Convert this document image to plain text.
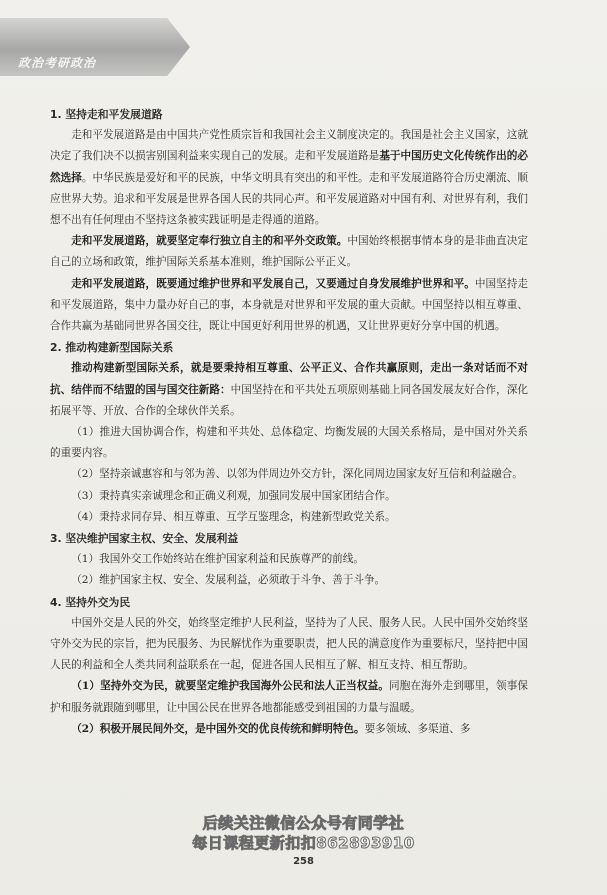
政治考研政治

1. 坚持走和平发展道路

走和平发展道路是由中国共产党性质宗旨和我国社会主义制度决定的。我国是社会主义国家，这就决定了我们决不以损害别国利益来实现自己的发展。走和平发展道路是基于中国历史文化传统作出的必然选择。中华民族是爱好和平的民族，中华文明具有突出的和平性。走和平发展道路符合历史潮流、顺应世界大势。追求和平发展是世界各国人民的共同心声。和平发展道路对中国有利、对世界有利，我们想不出有任何理由不坚持这条被实践证明是走得通的道路。

走和平发展道路，就要坚定奉行独立自主的和平外交政策。中国始终根据事情本身的是非曲直决定自己的立场和政策，维护国际关系基本准则，维护国际公平正义。

走和平发展道路，既要通过维护世界和平发展自己，又要通过自身发展维护世界和平。中国坚持走和平发展道路，集中力量办好自己的事，本身就是对世界和平发展的重大贡献。中国坚持以相互尊重、合作共赢为基础同世界各国交往，既让中国更好利用世界的机遇，又让世界更好分享中国的机遇。

2. 推动构建新型国际关系

推动构建新型国际关系，就是要秉持相互尊重、公平正义、合作共赢原则，走出一条对话而不对抗、结伴而不结盟的国与国交往新路：中国坚持在和平共处五项原则基础上同各国发展友好合作，深化拓展平等、开放、合作的全球伙伴关系。

（1）推进大国协调合作，构建和平共处、总体稳定、均衡发展的大国关系格局，是中国对外关系的重要内容。

（2）坚持亲诚惠容和与邻为善、以邻为伴周边外交方针，深化同周边国家友好互信和利益融合。

（3）秉持真实亲诚理念和正确义利观，加强同发展中国家团结合作。

（4）秉持求同存异、相互尊重、互学互鉴理念，构建新型政党关系。

3. 坚决维护国家主权、安全、发展利益

（1）我国外交工作始终站在维护国家利益和民族尊严的前线。

（2）维护国家主权、安全、发展利益，必须敢于斗争、善于斗争。

4. 坚持外交为民

中国外交是人民的外交，始终坚定维护人民利益，坚持为了人民、服务人民。人民中国外交始终坚守外交为民的宗旨，把为民服务、为民解忧作为重要职责，把人民的满意度作为重要标尺，坚持把中国人民的利益和全人类共同利益联系在一起，促进各国人民相互了解、相互支持、相互帮助。

（1）坚持外交为民，就要坚定维护我国海外公民和法人正当权益。同胞在海外走到哪里，领事保护和服务就跟随到哪里，让中国公民在世界各地都能感受到祖国的力量与温暖。

（2）积极开展民间外交，是中国外交的优良传统和鲜明特色。要多领域、多渠道、多

后续关注微信公众号有同学社
每日课程更新扣扣862893910
258
